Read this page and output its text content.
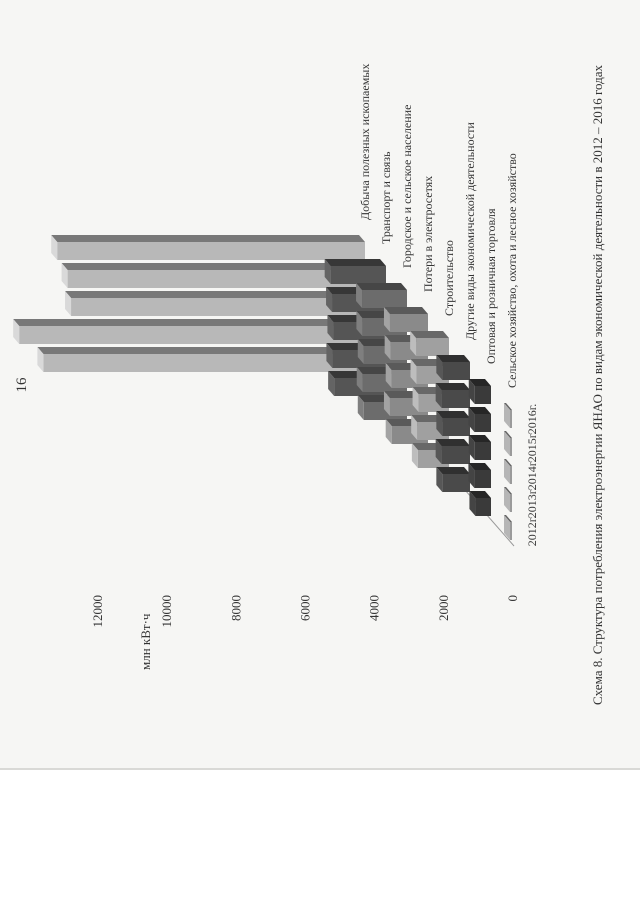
16
млн кВт·ч
0
2000
4000
6000
8000
10000
12000
2012г.
2013г.
2014г.
2015г.
2016г.
Сельское хозяйство, охота и лесное хозяйство
Оптовая и розничная торговля
Другие виды экономической деятельности
Строительство
Потери в электросетях
Городское и сельское население
Транспорт и связь
Добыча полезных ископаемых	Схема 8. Структура потребления электроэнергии ЯНАО по видам экономической деятельности в 2012 – 2016 годах
